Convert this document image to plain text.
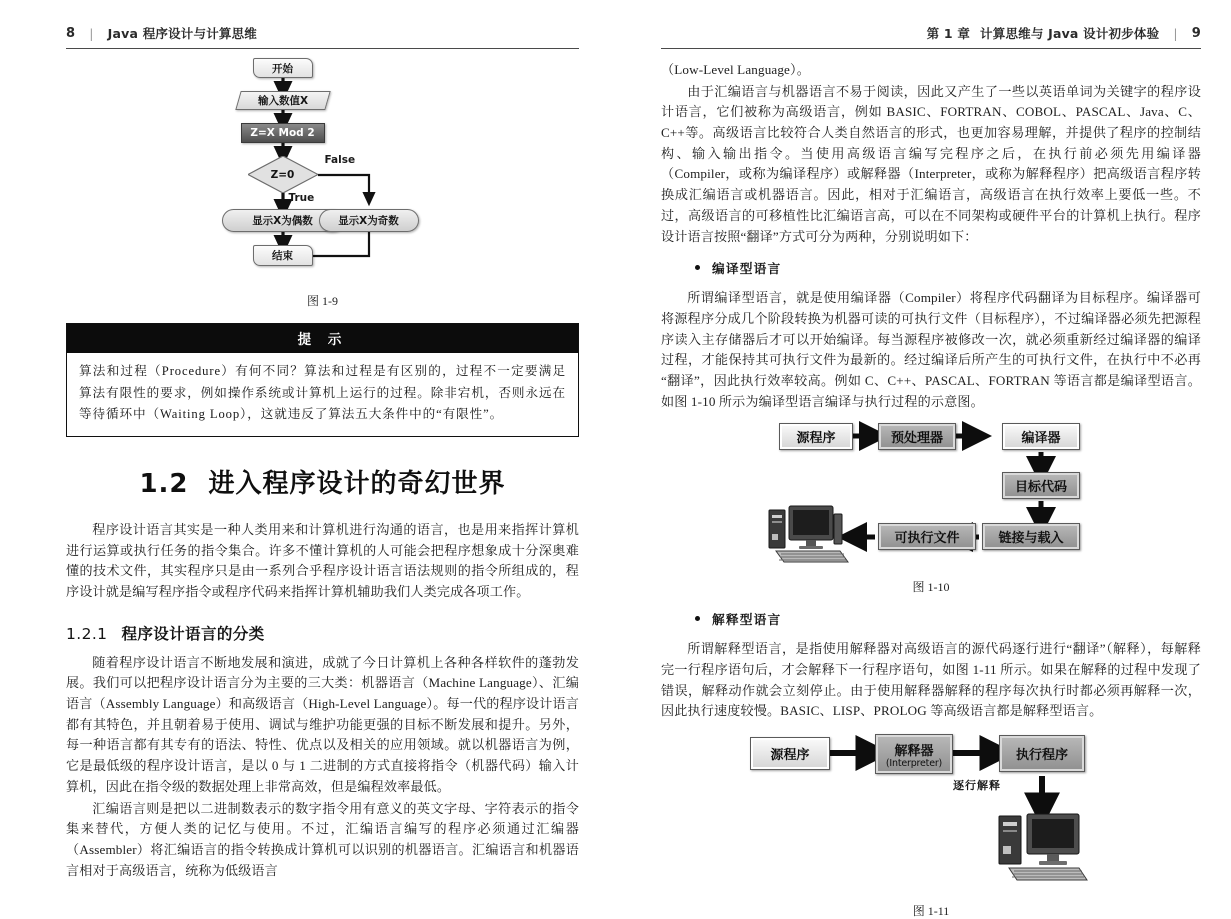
8	|	Java 程序设计与计算思维
开始
输入数值X
Z=X Mod 2
Z=0
False
True
显示X为偶数 显示X为奇数
结束
图 1-9
提 示
算法和过程（Procedure）有何不同？算法和过程是有区别的，过程不一定要满足算法有限性的要求，例如操作系统或计算机上运行的过程。除非宕机，否则永远在等待循环中（Waiting Loop），这就违反了算法五大条件中的“有限性”。
1.2 进入程序设计的奇幻世界

程序设计语言其实是一种人类用来和计算机进行沟通的语言，也是用来指挥计算机进行运算或执行任务的指令集合。许多不懂计算机的人可能会把程序想象成十分深奥难懂的技术文件，其实程序只是由一系列合乎程序设计语言语法规则的指令所组成的，程序设计就是编写程序指令或程序代码来指挥计算机辅助我们人类完成各项工作。

1.2.1 程序设计语言的分类

随着程序设计语言不断地发展和演进，成就了今日计算机上各种各样软件的蓬勃发展。我们可以把程序设计语言分为主要的三大类：机器语言（Machine Language）、汇编语言（Assembly Language）和高级语言（High-Level Language）。每一代的程序设计语言都有其特色，并且朝着易于使用、调试与维护功能更强的目标不断发展和提升。另外，每一种语言都有其专有的语法、特性、优点以及相关的应用领域。就以机器语言为例，它是最低级的程序设计语言，是以 0 与 1 二进制的方式直接将指令（机器代码）输入计算机，因此在指令级的数据处理上非常高效，但是编程效率最低。

汇编语言则是把以二进制数表示的数字指令用有意义的英文字母、字符表示的指令集来替代，方便人类的记忆与使用。不过，汇编语言编写的程序必须通过汇编器（Assembler）将汇编语言的指令转换成计算机可以识别的机器语言。汇编语言和机器语言相对于高级语言，统称为低级语言

第 1 章 计算思维与 Java 设计初步体验	|	9

（Low-Level Language）。

由于汇编语言与机器语言不易于阅读，因此又产生了一些以英语单词为关键字的程序设计语言，它们被称为高级语言，例如 BASIC、FORTRAN、COBOL、PASCAL、Java、C、C++等。高级语言比较符合人类自然语言的形式，也更加容易理解，并提供了程序的控制结构、输入输出指令。当使用高级语言编写完程序之后，在执行前必须先用编译器（Compiler，或称为编译程序）或解释器（Interpreter，或称为解释程序）把高级语言程序转换成汇编语言或机器语言。因此，相对于汇编语言，高级语言在执行效率上要低一些。不过，高级语言的可移植性比汇编语言高，可以在不同架构或硬件平台的计算机上执行。程序设计语言按照“翻译”方式可分为两种，分别说明如下：

编译型语言

所谓编译型语言，就是使用编译器（Compiler）将程序代码翻译为目标程序。编译器可将源程序分成几个阶段转换为机器可读的可执行文件（目标程序），不过编译器必须先把源程序读入主存储器后才可以开始编译。每当源程序被修改一次，就必须重新经过编译器的编译过程，才能保持其可执行文件为最新的。经过编译后所产生的可执行文件，在执行中不必再“翻译”，因此执行效率较高。例如 C、C++、PASCAL、FORTRAN 等语言都是编译型语言。如图 1-10 所示为编译型语言编译与执行过程的示意图。

源程序	预处理器	编译器
目标代码
链接与载入
可执行文件
图 1-10
解释型语言

所谓解释型语言，是指使用解释器对高级语言的源代码逐行进行“翻译”（解释），每解释完一行程序语句后，才会解释下一行程序语句，如图 1-11 所示。如果在解释的过程中发现了错误，解释动作就会立刻停止。由于使用解释器解释的程序每次执行时都必须再解释一次，因此执行速度较慢。BASIC、LISP、PROLOG 等高级语言都是解释型语言。

源程序	解释器
(Interpreter)	执行程序
逐行解释
图 1-11
